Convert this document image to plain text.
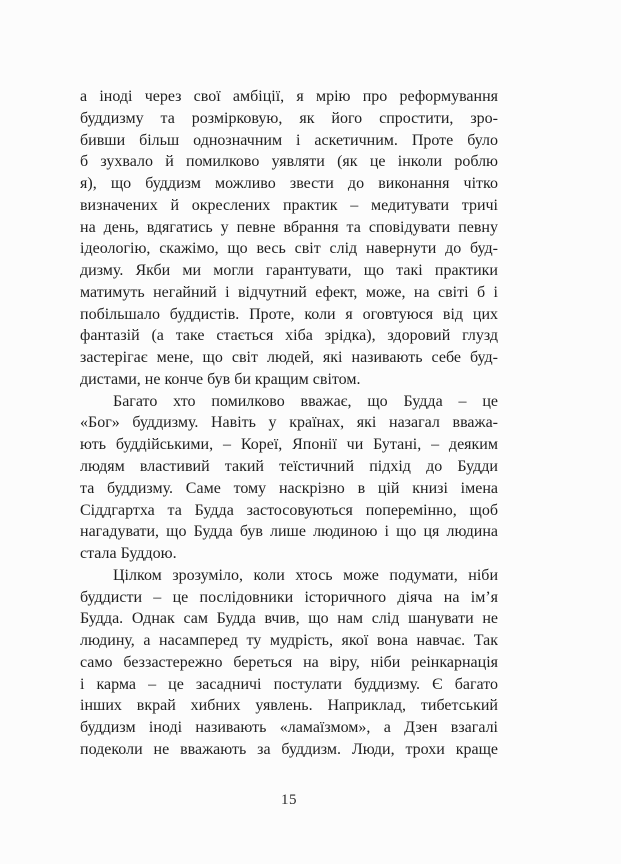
а іноді через свої амбіції, я мрію про реформування
буддизму та розмірковую, як його спростити, зро-
бивши більш однозначним і аскетичним. Проте було
б зухвало й помилково уявляти (як це інколи роблю
я), що буддизм можливо звести до виконання чітко
визначених й окреслених практик – медитувати тричі
на день, вдягатись у певне вбрання та сповідувати певну
ідеологію, скажімо, що весь світ слід навернути до буд-
дизму. Якби ми могли гарантувати, що такі практики
матимуть негайний і відчутний ефект, може, на світі б і
побільшало буддистів. Проте, коли я оговтуюся від цих
фантазій (а таке стається хіба зрідка), здоровий глузд
застерігає мене, що світ людей, які називають себе буд-
дистами, не конче був би кращим світом.
Багато хто помилково вважає, що Будда – це
«Бог» буддизму. Навіть у країнах, які назагал вважа-
ють буддійськими, – Кореї, Японії чи Бутані, – деяким
людям властивий такий теїстичний підхід до Будди
та буддизму. Саме тому наскрізно в цій книзі імена
Сіддгартха та Будда застосовуються поперемінно, щоб
нагадувати, що Будда був лише людиною і що ця людина
стала Буддою.
Цілком зрозуміло, коли хтось може подумати, ніби
буддисти – це послідовники історичного діяча на ім’я
Будда. Однак сам Будда вчив, що нам слід шанувати не
людину, а насамперед ту мудрість, якої вона навчає. Так
само беззастережно береться на віру, ніби реінкарнація
і карма – це засадничі постулати буддизму. Є багато
інших вкрай хибних уявлень. Наприклад, тибетський
буддизм іноді називають «ламаїзмом», а Дзен взагалі
подеколи не вважають за буддизм. Люди, трохи краще
15
